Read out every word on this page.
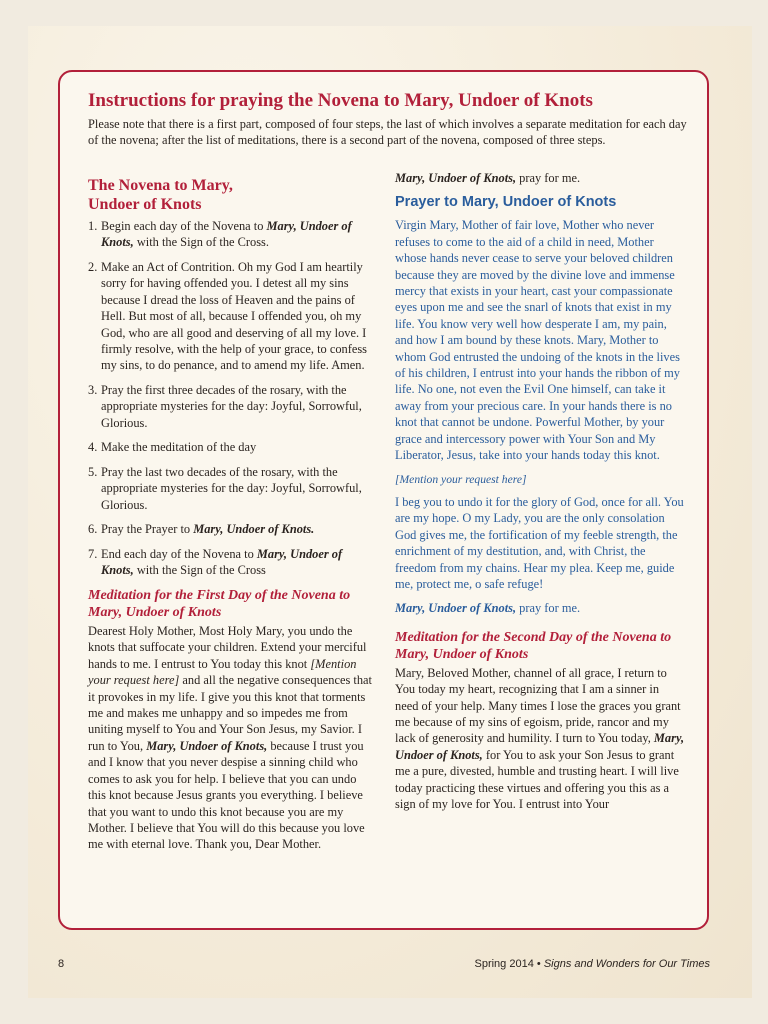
Instructions for praying the Novena to Mary, Undoer of Knots

Please note that there is a first part, composed of four steps, the last of which involves a separate meditation for each day of the novena; after the list of meditations, there is a second part of the novena, composed of three steps.

The Novena to Mary,
Undoer of Knots
1. Begin each day of the Novena to Mary, Undoer of Knots, with the Sign of the Cross.
2. Make an Act of Contrition. Oh my God I am heartily sorry for having offended you. I detest all my sins because I dread the loss of Heaven and the pains of Hell. But most of all, because I offended you, oh my God, who are all good and deserving of all my love. I firmly resolve, with the help of your grace, to confess my sins, to do penance, and to amend my life. Amen.
3. Pray the first three decades of the rosary, with the appropriate mysteries for the day: Joyful, Sorrowful, Glorious.
4. Make the meditation of the day
5. Pray the last two decades of the rosary, with the appropriate mysteries for the day: Joyful, Sorrowful, Glorious.
6. Pray the Prayer to Mary, Undoer of Knots.
7. End each day of the Novena to Mary, Undoer of Knots, with the Sign of the Cross
Meditation for the First Day of the Novena to Mary, Undoer of Knots

Dearest Holy Mother, Most Holy Mary, you undo the knots that suffocate your children. Extend your merciful hands to me. I entrust to You today this knot [Mention your request here] and all the negative consequences that it provokes in my life. I give you this knot that torments me and makes me unhappy and so impedes me from uniting myself to You and Your Son Jesus, my Savior. I run to You, Mary, Undoer of Knots, because I trust you and I know that you never despise a sinning child who comes to ask you for help. I believe that you can undo this knot because Jesus grants you everything. I believe that you want to undo this knot because you are my Mother. I believe that You will do this because you love me with eternal love. Thank you, Dear Mother.

Mary, Undoer of Knots, pray for me.

Prayer to Mary, Undoer of Knots

Virgin Mary, Mother of fair love, Mother who never refuses to come to the aid of a child in need, Mother whose hands never cease to serve your beloved children because they are moved by the divine love and immense mercy that exists in your heart, cast your compassionate eyes upon me and see the snarl of knots that exist in my life. You know very well how desperate I am, my pain, and how I am bound by these knots. Mary, Mother to whom God entrusted the undoing of the knots in the lives of his children, I entrust into your hands the ribbon of my life. No one, not even the Evil One himself, can take it away from your precious care. In your hands there is no knot that cannot be undone. Powerful Mother, by your grace and intercessory power with Your Son and My Liberator, Jesus, take into your hands today this knot.

[Mention your request here]

I beg you to undo it for the glory of God, once for all. You are my hope. O my Lady, you are the only consolation God gives me, the fortification of my feeble strength, the enrichment of my destitution, and, with Christ, the freedom from my chains. Hear my plea. Keep me, guide me, protect me, o safe refuge!

Mary, Undoer of Knots, pray for me.

Meditation for the Second Day of the Novena to Mary, Undoer of Knots

Mary, Beloved Mother, channel of all grace, I return to You today my heart, recognizing that I am a sinner in need of your help. Many times I lose the graces you grant me because of my sins of egoism, pride, rancor and my lack of generosity and humility. I turn to You today, Mary, Undoer of Knots, for You to ask your Son Jesus to grant me a pure, divested, humble and trusting heart. I will live today practicing these virtues and offering you this as a sign of my love for You. I entrust into Your

8	Spring 2014 • Signs and Wonders for Our Times
